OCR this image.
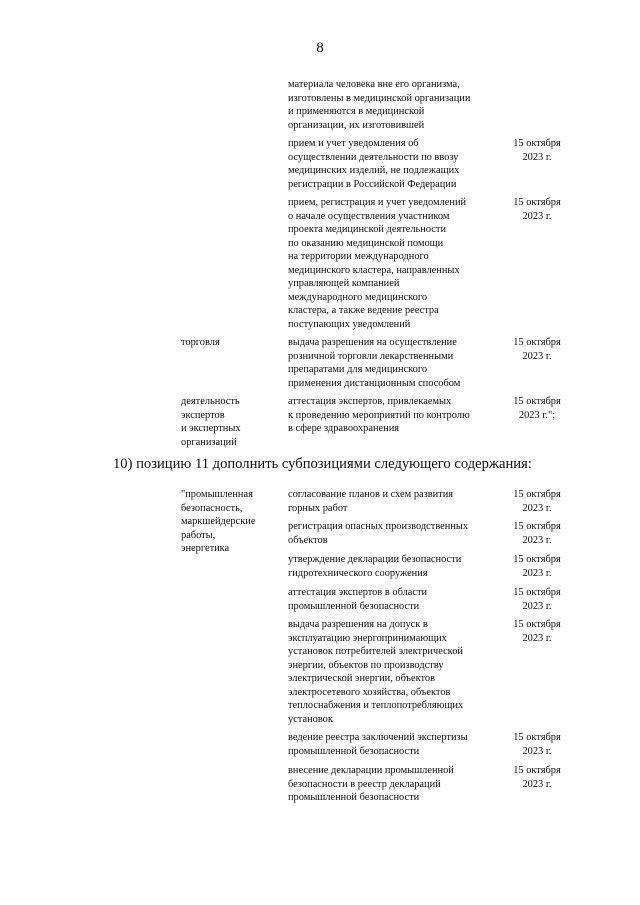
8
материала человека вне его организма,
изготовлены в медицинской организации
и применяются в медицинской
организации, их изготовившей
прием и учет уведомления об
осуществлении деятельности по ввозу
медицинских изделий, не подлежащих
регистрации в Российской Федерации
15 октября
2023 г.
прием, регистрация и учет уведомлений
о начале осуществления участником
проекта медицинской деятельности
по оказанию медицинской помощи
на территории международного
медицинского кластера, направленных
управляющей компанией
международного медицинского
кластера, а также ведение реестра
поступающих уведомлений
15 октября
2023 г.
торговля	выдача разрешения на осуществление
розничной торговли лекарственными
препаратами для медицинского
применения дистанционным способом
15 октября
2023 г.
деятельность
экспертов
и экспертных
организаций
аттестация экспертов, привлекаемых
к проведению мероприятий по контролю
в сфере здравоохранения
15 октября
2023 г.";
10) позицию 11 дополнить субпозициями следующего содержания:
"промышленная
безопасность,
маркшейдерские
работы,
энергетика
согласование планов и схем развития
горных работ
15 октября
2023 г.
регистрация опасных производственных
объектов
15 октября
2023 г.
утверждение декларации безопасности
гидротехнического сооружения
15 октября
2023 г.
аттестация экспертов в области
промышленной безопасности
15 октября
2023 г.
выдача разрешения на допуск в
эксплуатацию энергопринимающих
установок потребителей электрической
энергии, объектов по производству
электрической энергии, объектов
электросетевого хозяйства, объектов
теплоснабжения и теплопотребляющих
установок
15 октября
2023 г.
ведение реестра заключений экспертизы
промышленной безопасности
15 октября
2023 г.
внесение декларации промышленной
безопасности в реестр деклараций
промышленной безопасности
15 октября
2023 г.
